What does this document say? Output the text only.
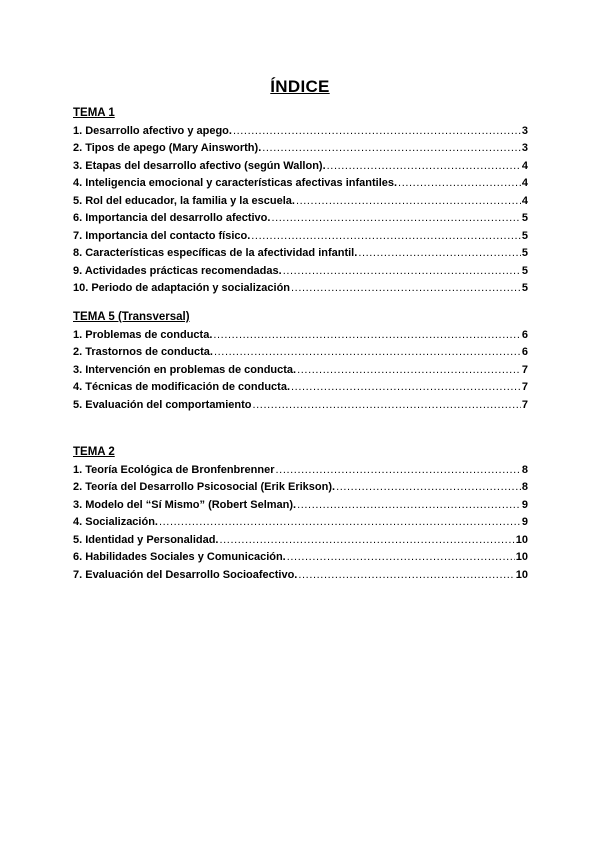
ÍNDICE
TEMA 1
1. Desarrollo afectivo y apego. .....	3
2. Tipos de apego (Mary Ainsworth). .....	3
3. Etapas del desarrollo afectivo (según Wallon). .....	4
4. Inteligencia emocional y características afectivas infantiles. .....	4
5. Rol del educador, la familia y la escuela. .....	4
6. Importancia del desarrollo afectivo. .....	5
7. Importancia del contacto físico. .....	5
8. Características específicas de la afectividad infantil. .....	5
9. Actividades prácticas recomendadas. .....	5
10. Periodo de adaptación y socialización .....	5
TEMA 5 (Transversal)
1. Problemas de conducta. .....	6
2. Trastornos de conducta. .....	6
3. Intervención en problemas de conducta. .....	7
4. Técnicas de modificación de conducta. .....	7
5. Evaluación del comportamiento .....	7
TEMA 2
1. Teoría Ecológica de Bronfenbrenner .....	8
2. Teoría del Desarrollo Psicosocial (Erik Erikson). .....	8
3. Modelo del “Sí Mismo” (Robert Selman). .....	9
4. Socialización. .....	9
5. Identidad y Personalidad. .....	10
6. Habilidades Sociales y Comunicación. .....	10
7. Evaluación del Desarrollo Socioafectivo. .....	10
